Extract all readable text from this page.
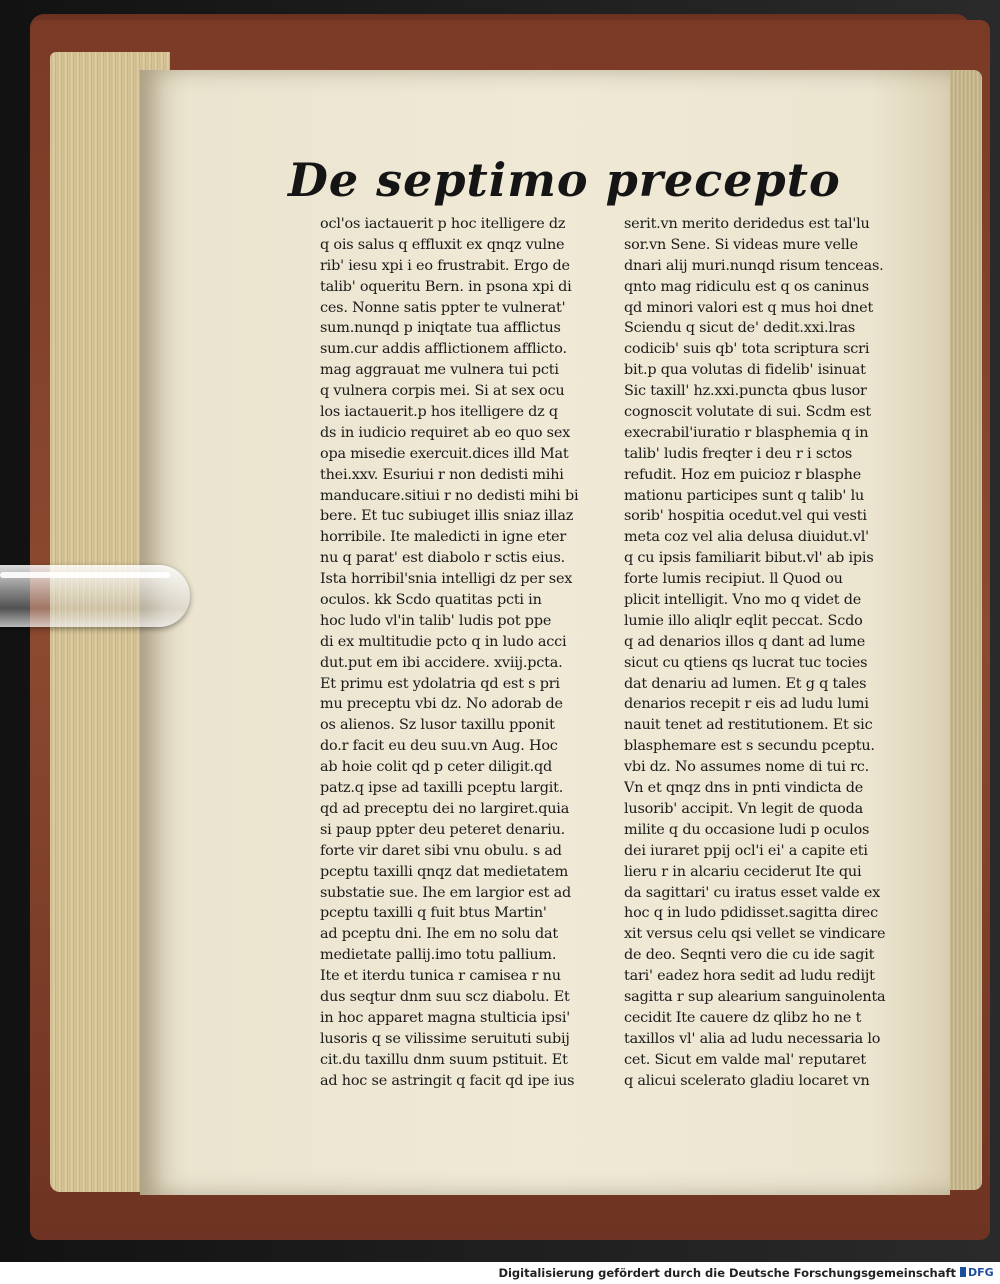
De septimo precepto
ocl'os iactauerit p hoc itelligere dz
q ois salus q effluxit ex qnqz vulne
rib' iesu xpi i eo frustrabit. Ergo de
talib' oqueritu Bern. in psona xpi di
ces. Nonne satis ppter te vulnerat'
sum.nunqd p iniqtate tua afflictus
sum.cur addis afflictionem afflicto.
mag aggrauat me vulnera tui pcti
q vulnera corpis mei. Si at sex ocu
los iactauerit.p hos itelligere dz q
ds in iudicio requiret ab eo quo sex
opa misedie exercuit.dices illd Mat
thei.xxv. Esuriui r non dedisti mihi
manducare.sitiui r no dedisti mihi bi
bere. Et tuc subiuget illis sniaz illaz
horribile. Ite maledicti in igne eter
nu q parat' est diabolo r sctis eius.
Ista horribil'snia intelligi dz per sex
oculos. kk Scdo quatitas pcti in
hoc ludo vl'in talib' ludis pot ppe
di ex multitudie pcto q in ludo acci
dut.put em ibi accidere. xviij.pcta.
Et primu est ydolatria qd est s pri
mu preceptu vbi dz. No adorab de
os alienos. Sz lusor taxillu pponit
do.r facit eu deu suu.vn Aug. Hoc
ab hoie colit qd p ceter diligit.qd
patz.q ipse ad taxilli pceptu largit.
qd ad preceptu dei no largiret.quia
si paup ppter deu peteret denariu.
forte vir daret sibi vnu obulu. s ad
pceptu taxilli qnqz dat medietatem
substatie sue. Ihe em largior est ad
pceptu taxilli q fuit btus Martin'
ad pceptu dni. Ihe em no solu dat
medietate pallij.imo totu pallium.
Ite et iterdu tunica r camisea r nu
dus seqtur dnm suu scz diabolu. Et
in hoc apparet magna stulticia ipsi'
lusoris q se vilissime seruituti subij
cit.du taxillu dnm suum pstituit. Et
ad hoc se astringit q facit qd ipe ius
serit.vn merito deridedus est tal'lu
sor.vn Sene. Si videas mure velle
dnari alij muri.nunqd risum tenceas.
qnto mag ridiculu est q os caninus
qd minori valori est q mus hoi dnet
Sciendu q sicut de' dedit.xxi.lras
codicib' suis qb' tota scriptura scri
bit.p qua volutas di fidelib' isinuat
Sic taxill' hz.xxi.puncta qbus lusor
cognoscit volutate di sui. Scdm est
execrabil'iuratio r blasphemia q in
talib' ludis freqter i deu r i sctos
refudit. Hoz em puicioz r blasphe
mationu participes sunt q talib' lu
sorib' hospitia ocedut.vel qui vesti
meta coz vel alia delusa diuidut.vl'
q cu ipsis familiarit bibut.vl' ab ipis
forte lumis recipiut. ll Quod ou
plicit intelligit. Vno mo q videt de
lumie illo aliqlr eqlit peccat. Scdo
q ad denarios illos q dant ad lume
sicut cu qtiens qs lucrat tuc tocies
dat denariu ad lumen. Et g q tales
denarios recepit r eis ad ludu lumi
nauit tenet ad restitutionem. Et sic
blasphemare est s secundu pceptu.
vbi dz. No assumes nome di tui rc.
Vn et qnqz dns in pnti vindicta de
lusorib' accipit. Vn legit de quoda
milite q du occasione ludi p oculos
dei iuraret ppij ocl'i ei' a capite eti
lieru r in alcariu ceciderut Ite qui
da sagittari' cu iratus esset valde ex
hoc q in ludo pdidisset.sagitta direc
xit versus celu qsi vellet se vindicare
de deo. Seqnti vero die cu ide sagit
tari' eadez hora sedit ad ludu redijt
sagitta r sup alearium sanguinolenta
cecidit Ite cauere dz qlibz ho ne t
taxillos vl' alia ad ludu necessaria lo
cet. Sicut em valde mal' reputaret
q alicui scelerato gladiu locaret vn
Digitalisierung gefördert durch die Deutsche Forschungsgemeinschaft	DFG
